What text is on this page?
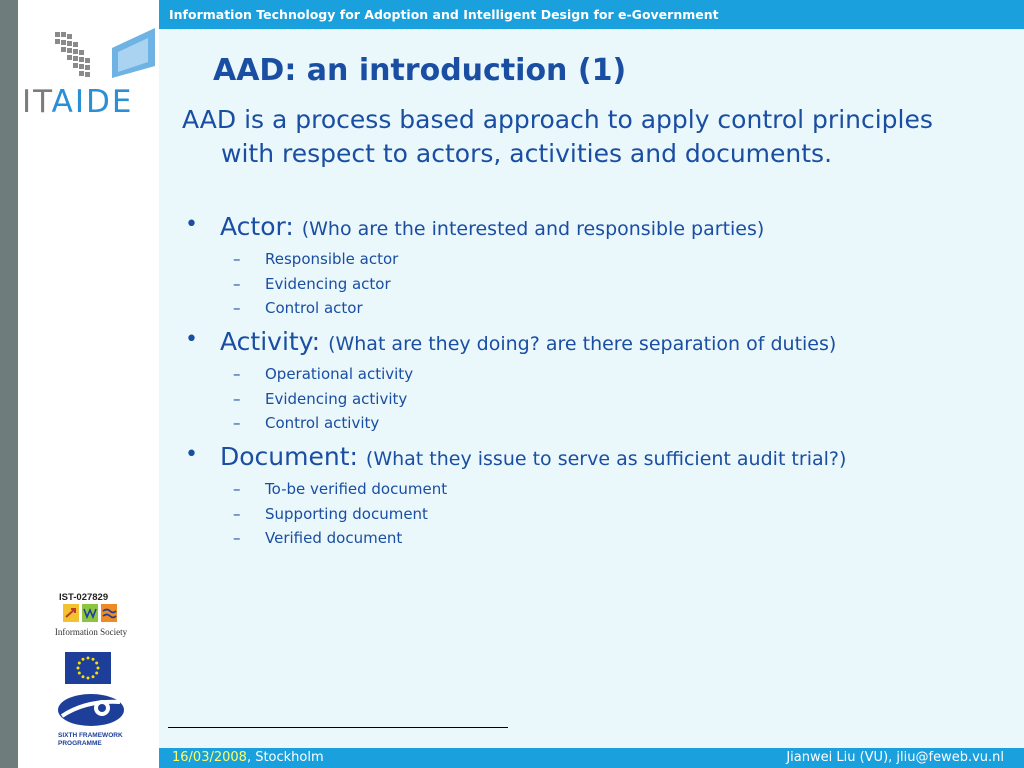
Information Technology for Adoption and Intelligent Design for e-Government
ITAIDE
IST-027829
Information Society
SIXTH FRAMEWORK
PROGRAMME
AAD: an introduction (1)
AAD is a process based approach to apply control principles with respect to actors, activities and documents.
• Actor: (Who are the interested and responsible parties)
– Responsible actor
– Evidencing actor
– Control actor
• Activity: (What are they doing? are there separation of duties)
– Operational activity
– Evidencing activity
– Control activity
• Document: (What they issue to serve as sufficient audit trial?)
– To-be verified document
– Supporting document
– Verified document
16/03/2008, Stockholm	Jianwei Liu (VU), jliu@feweb.vu.nl
